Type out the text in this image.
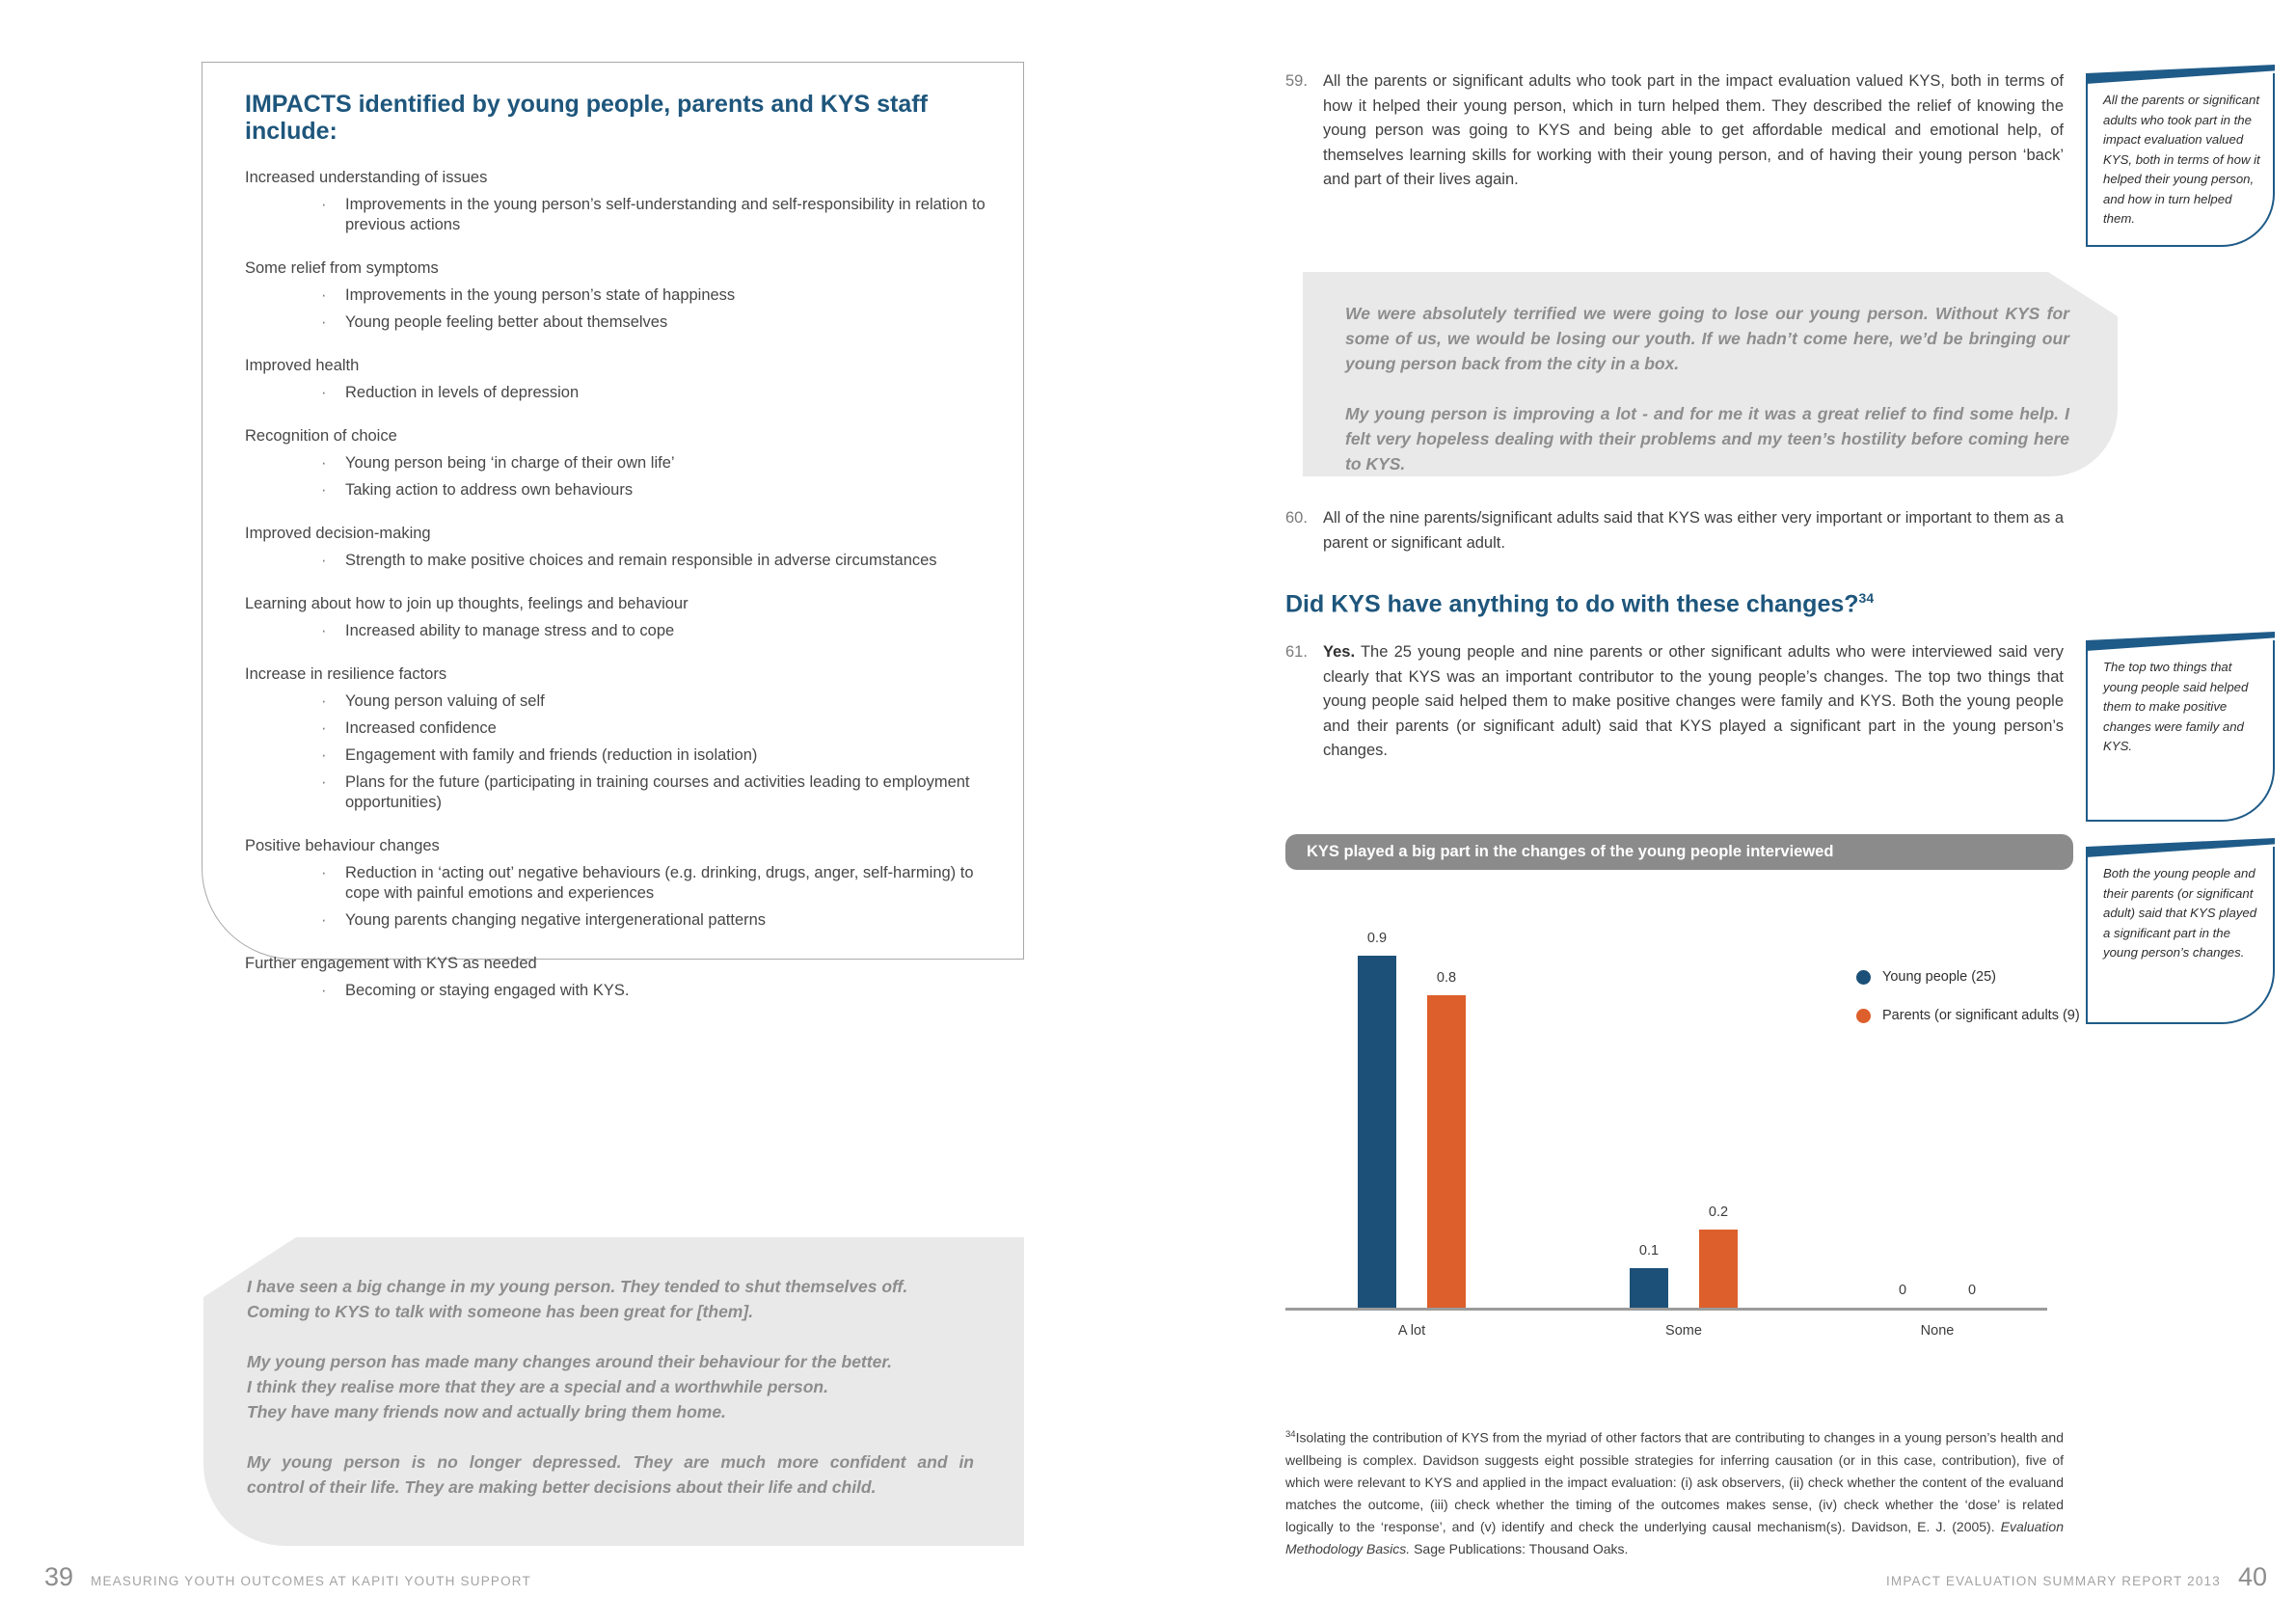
IMPACTS identified by young people, parents and KYS staff include:
Increased understanding of issues
·	Improvements in the young person’s self-understanding and self-responsibility in relation to previous actions
Some relief from symptoms
·	Improvements in the young person’s state of happiness
·	Young people feeling better about themselves
Improved health
·	Reduction in levels of depression
Recognition of choice
·	Young person being ‘in charge of their own life’
·	Taking action to address own behaviours
Improved decision-making
·	Strength to make positive choices and remain responsible in adverse circumstances
Learning about how to join up thoughts, feelings and behaviour
·	Increased ability to manage stress and to cope
Increase in resilience factors
·	Young person valuing of self
·	Increased confidence
·	Engagement with family and friends (reduction in isolation)
·	Plans for the future (participating in training courses and activities leading to employment opportunities)
Positive behaviour changes
·	Reduction in ‘acting out’ negative behaviours (e.g. drinking, drugs, anger, self-harming) to cope with painful emotions and experiences
·	Young parents changing negative intergenerational patterns
Further engagement with KYS as needed
·	Becoming or staying engaged with KYS.
I have seen a big change in my young person. They tended to shut themselves off.
Coming to KYS to talk with someone has been great for [them].
My young person has made many changes around their behaviour for the better.
I think they realise more that they are a special and a worthwhile person.
They have many friends now and actually bring them home.
My young person is no longer depressed. They are much more confident and in
control of their life. They are making better decisions about their life and child.
39 MEASURING YOUTH OUTCOMES AT KAPITI YOUTH SUPPORT
59. All the parents or significant adults who took part in the impact evaluation valued KYS, both in terms of how it helped their young person, which in turn helped them. They described the relief of knowing the young person was going to KYS and being able to get affordable medical and emotional help, of themselves learning skills for working with their young person, and of having their young person ‘back’ and part of their lives again.
All the parents or significant adults who took part in the impact evaluation valued KYS, both in terms of how it helped their young person, and how in turn helped them.
We were absolutely terrified we were going to lose our young person. Without KYS for some of us, we would be losing our youth. If we hadn’t come here, we’d be bringing our young person back from the city in a box.
My young person is improving a lot - and for me it was a great relief to find some help. I felt very hopeless dealing with their problems and my teen’s hostility before coming here to KYS.
60. All of the nine parents/significant adults said that KYS was either very important or important to them as a parent or significant adult.
Did KYS have anything to do with these changes?$^{34}$
61. Yes. The 25 young people and nine parents or other significant adults who were interviewed said very clearly that KYS was an important contributor to the young people’s changes. The top two things that young people said helped them to make positive changes were family and KYS. Both the young people and their parents (or significant adult) said that KYS played a significant part in the young person’s changes.
The top two things that young people said helped them to make positive changes were family and KYS.
Both the young people and their parents (or significant adult) said that KYS played a significant part in the young person’s changes.
KYS played a big part in the changes of the young people interviewed
0.9
0.8
A lot
0.1
0.2
Some
0	0
None
Young people (25)
Parents (or significant adults (9)
$^{34}$Isolating the contribution of KYS from the myriad of other factors that are contributing to changes in a young person’s health and wellbeing is complex. Davidson suggests eight possible strategies for inferring causation (or in this case, contribution), five of which were relevant to KYS and applied in the impact evaluation: (i) ask observers, (ii) check whether the content of the evaluand matches the outcome, (iii) check whether the timing of the outcomes makes sense, (iv) check whether the ‘dose’ is related logically to the ‘response’, and (v) identify and check the underlying causal mechanism(s). Davidson, E. J. (2005). Evaluation Methodology Basics. Sage Publications: Thousand Oaks.
IMPACT EVALUATION SUMMARY REPORT 2013 40
